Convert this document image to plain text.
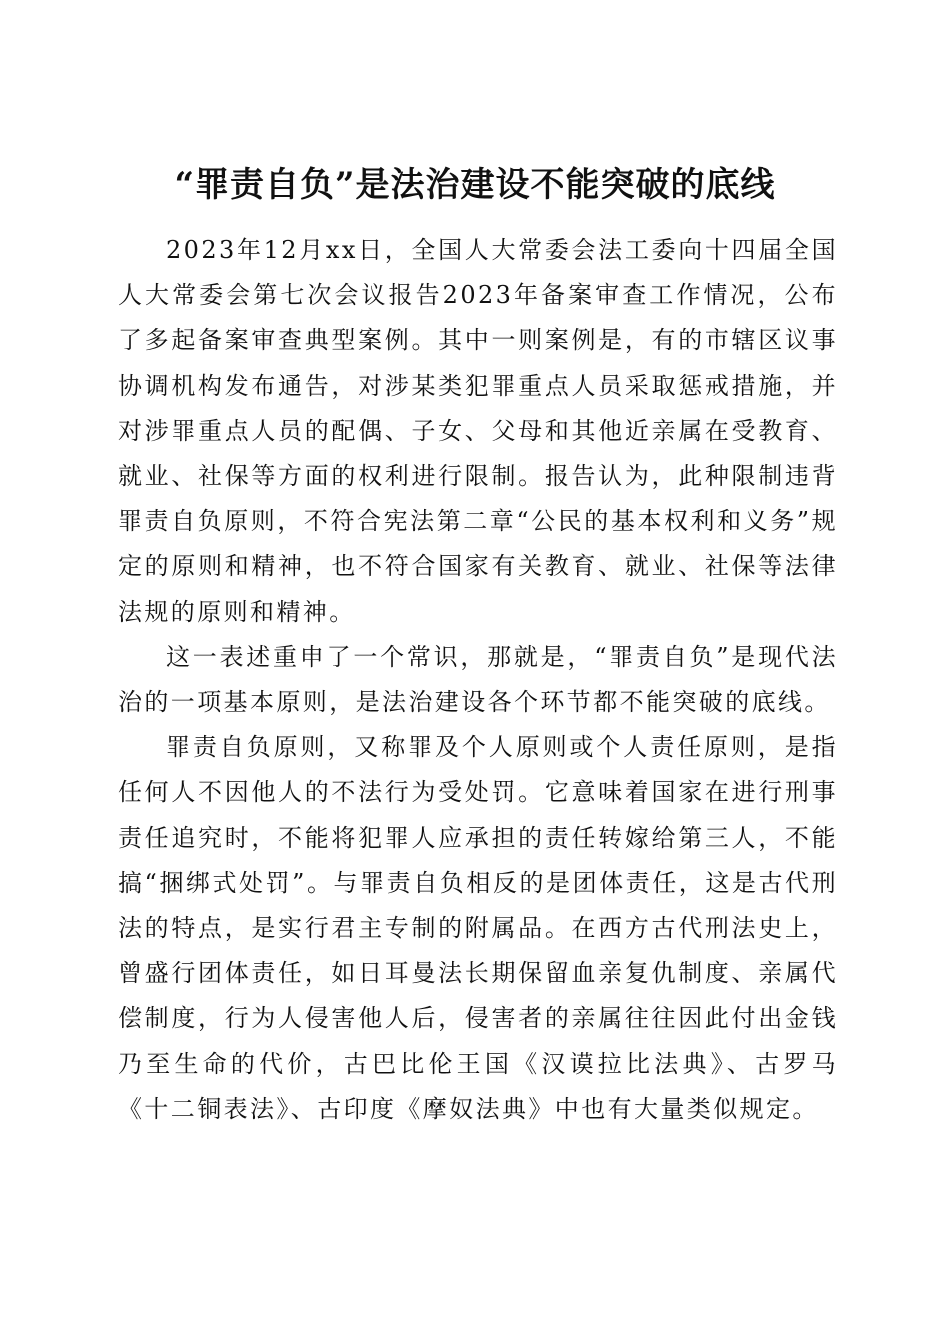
“罪责自负”是法治建设不能突破的底线

2023年12月xx日，全国人大常委会法工委向十四届全国人大常委会第七次会议报告2023年备案审查工作情况，公布了多起备案审查典型案例。其中一则案例是，有的市辖区议事协调机构发布通告，对涉某类犯罪重点人员采取惩戒措施，并对涉罪重点人员的配偶、子女、父母和其他近亲属在受教育、就业、社保等方面的权利进行限制。报告认为，此种限制违背罪责自负原则，不符合宪法第二章“公民的基本权利和义务”规定的原则和精神，也不符合国家有关教育、就业、社保等法律法规的原则和精神。

这一表述重申了一个常识，那就是，“罪责自负”是现代法治的一项基本原则，是法治建设各个环节都不能突破的底线。

罪责自负原则，又称罪及个人原则或个人责任原则，是指任何人不因他人的不法行为受处罚。它意味着国家在进行刑事责任追究时，不能将犯罪人应承担的责任转嫁给第三人，不能搞“捆绑式处罚”。与罪责自负相反的是团体责任，这是古代刑法的特点，是实行君主专制的附属品。在西方古代刑法史上，曾盛行团体责任，如日耳曼法长期保留血亲复仇制度、亲属代偿制度，行为人侵害他人后，侵害者的亲属往往因此付出金钱乃至生命的代价，古巴比伦王国《汉谟拉比法典》、古罗马《十二铜表法》、古印度《摩奴法典》中也有大量类似规定。
